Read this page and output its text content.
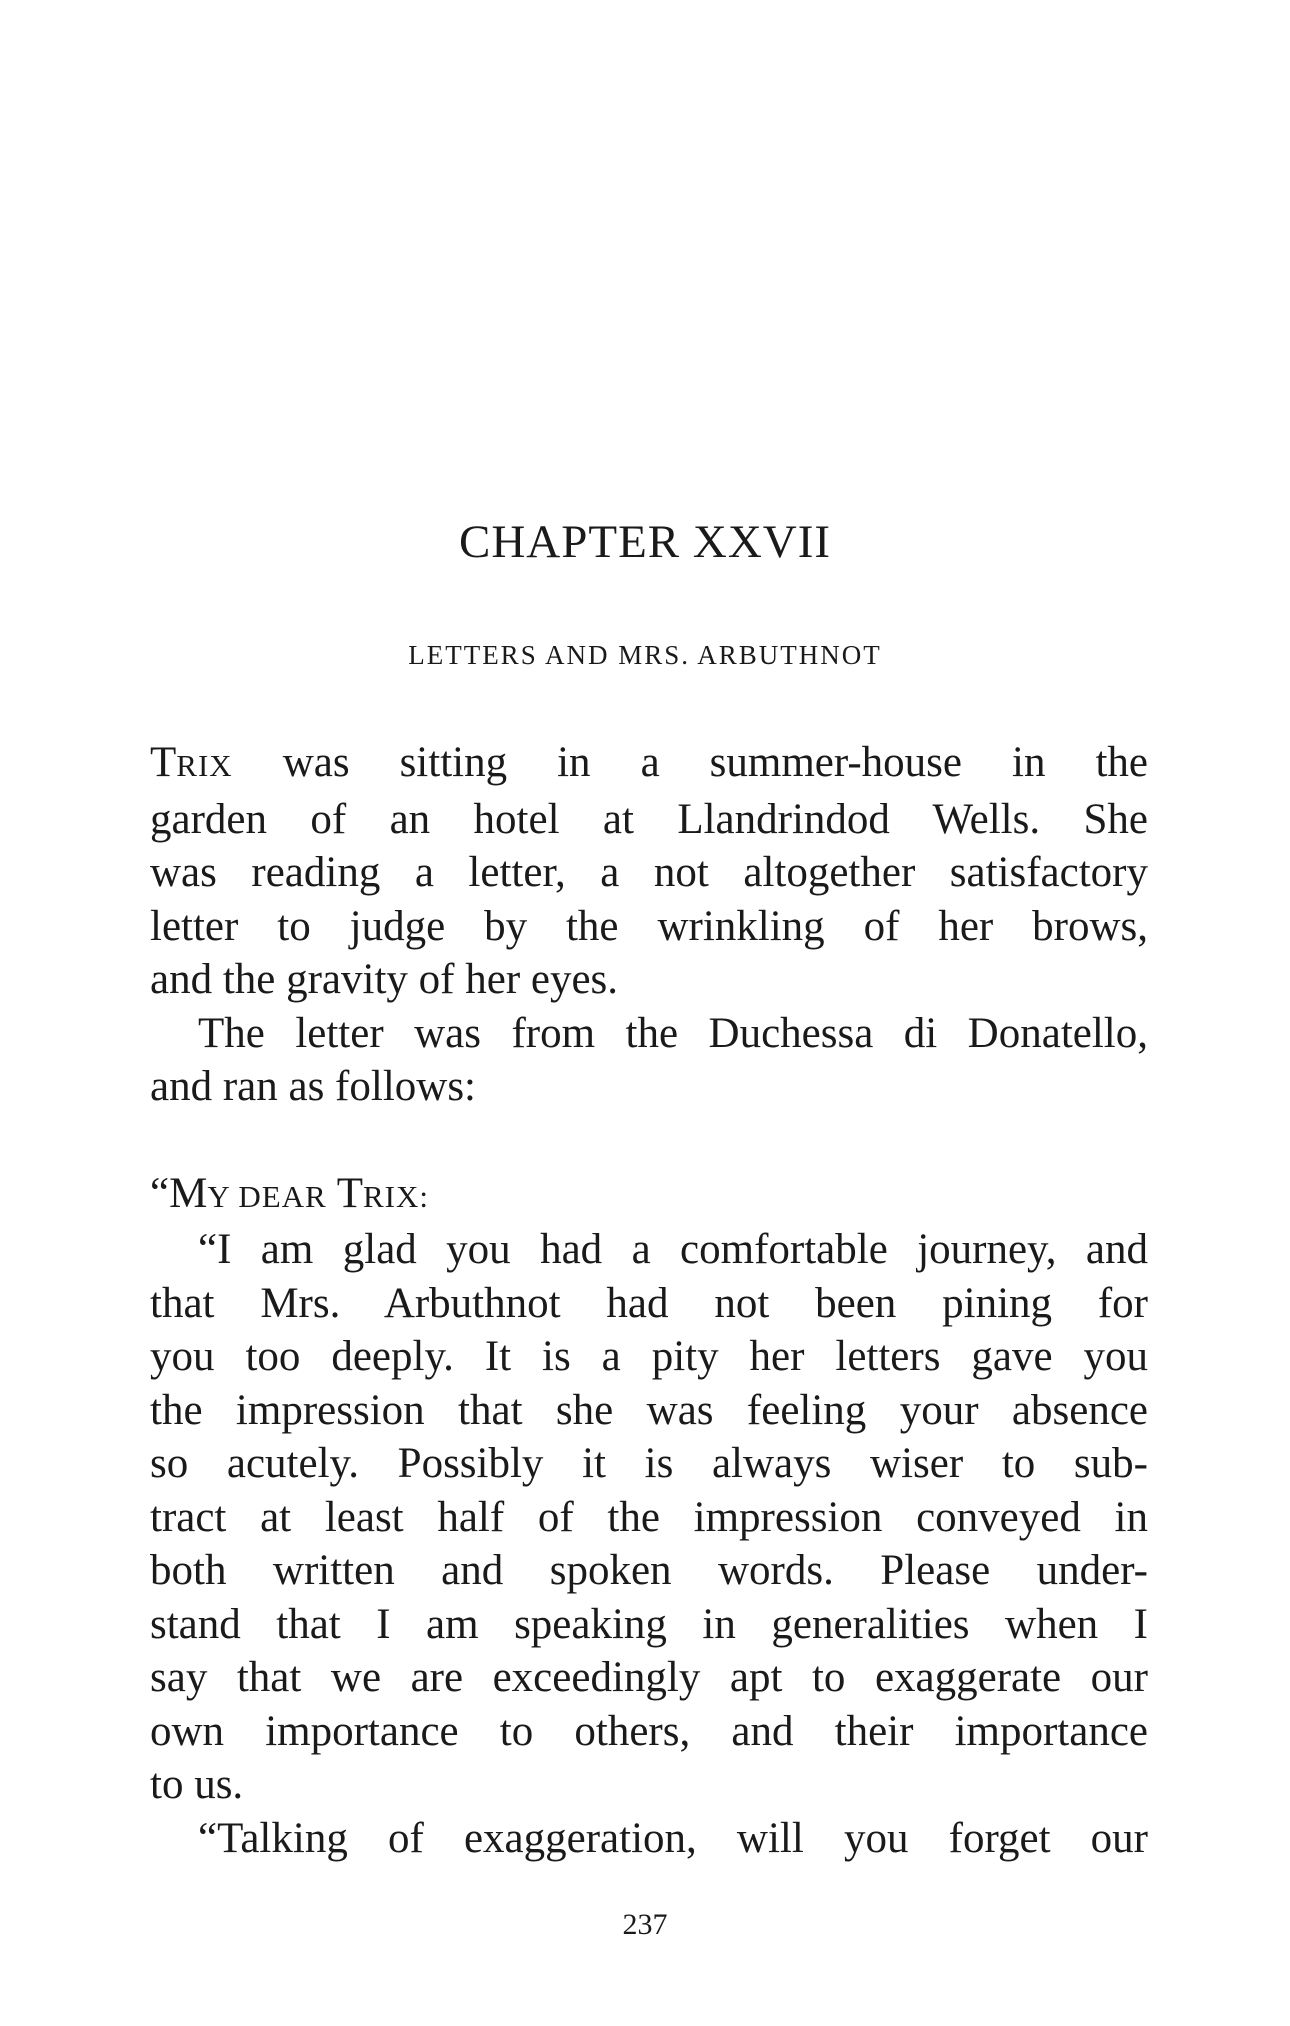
CHAPTER XXVII
LETTERS AND MRS. ARBUTHNOT
TRIX was sitting in a summer-house in the
garden of an hotel at Llandrindod Wells. She
was reading a letter, a not altogether satisfactory
letter to judge by the wrinkling of her brows,
and the gravity of her eyes.
The letter was from the Duchessa di Donatello,
and ran as follows:
“MY DEAR TRIX:
“I am glad you had a comfortable journey, and
that Mrs. Arbuthnot had not been pining for
you too deeply. It is a pity her letters gave you
the impression that she was feeling your absence
so acutely. Possibly it is always wiser to sub-
tract at least half of the impression conveyed in
both written and spoken words. Please under-
stand that I am speaking in generalities when I
say that we are exceedingly apt to exaggerate our
own importance to others, and their importance
to us.
“Talking of exaggeration, will you forget our
237
